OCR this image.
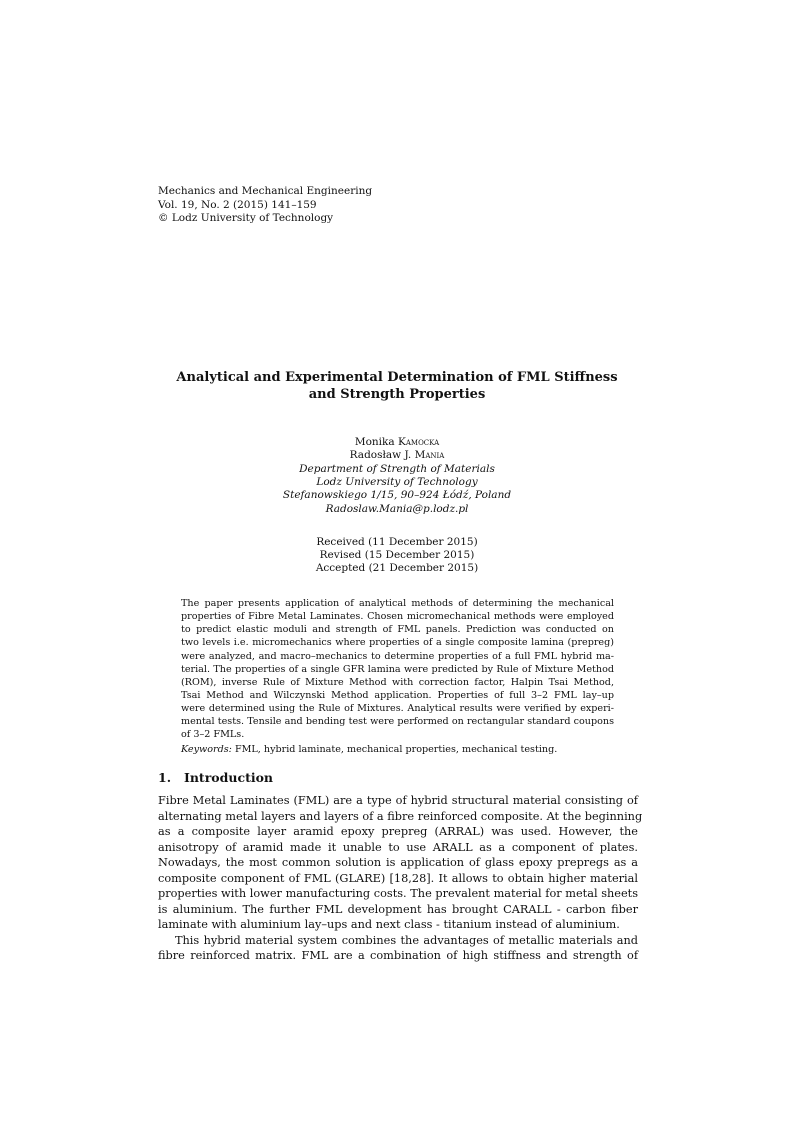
Mechanics and Mechanical Engineering
Vol. 19, No. 2 (2015) 141–159
© Lodz University of Technology
Analytical and Experimental Determination of FML Stiffness
and Strength Properties
Monika Kamocka
Radosław J. Mania
Department of Strength of Materials
Lodz University of Technology
Stefanowskiego 1/15, 90–924 Łódź, Poland
Radoslaw.Mania@p.lodz.pl
Received (11 December 2015)
Revised (15 December 2015)
Accepted (21 December 2015)
The paper presents application of analytical methods of determining the mechanical
properties of Fibre Metal Laminates. Chosen micromechanical methods were employed
to predict elastic moduli and strength of FML panels. Prediction was conducted on
two levels i.e. micromechanics where properties of a single composite lamina (prepreg)
were analyzed, and macro–mechanics to determine properties of a full FML hybrid ma-
terial. The properties of a single GFR lamina were predicted by Rule of Mixture Method
(ROM), inverse Rule of Mixture Method with correction factor, Halpin Tsai Method,
Tsai Method and Wilczynski Method application. Properties of full 3–2 FML lay–up
were determined using the Rule of Mixtures. Analytical results were verified by experi-
mental tests. Tensile and bending test were performed on rectangular standard coupons
of 3–2 FMLs.
Keywords: FML, hybrid laminate, mechanical properties, mechanical testing.
1. Introduction
Fibre Metal Laminates (FML) are a type of hybrid structural material consisting of
alternating metal layers and layers of a fibre reinforced composite. At the beginning
as a composite layer aramid epoxy prepreg (ARRAL) was used. However, the
anisotropy of aramid made it unable to use ARALL as a component of plates.
Nowadays, the most common solution is application of glass epoxy prepregs as a
composite component of FML (GLARE) [18,28]. It allows to obtain higher material
properties with lower manufacturing costs. The prevalent material for metal sheets
is aluminium. The further FML development has brought CARALL - carbon fiber
laminate with aluminium lay–ups and next class - titanium instead of aluminium.
This hybrid material system combines the advantages of metallic materials and
fibre reinforced matrix. FML are a combination of high stiffness and strength of
